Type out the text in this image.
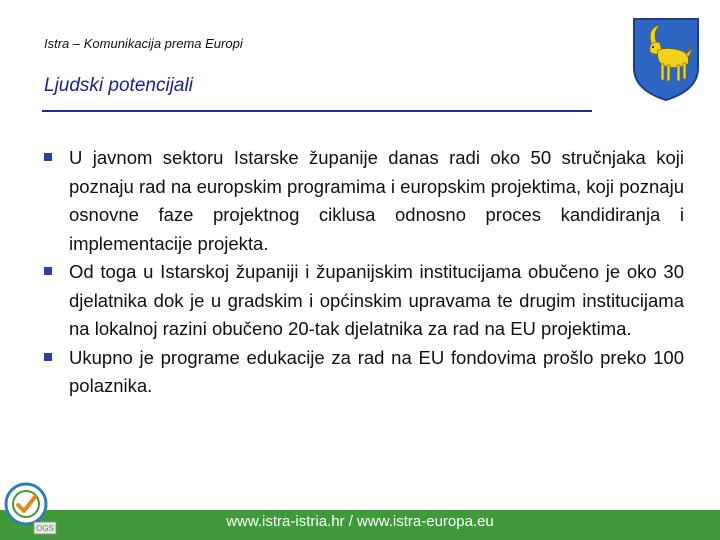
Istra – Komunikacija prema Europi
Ljudski potencijali
U javnom sektoru Istarske županije danas radi oko 50 stručnjaka koji poznaju rad na europskim programima i europskim projektima, koji poznaju osnovne faze projektnog ciklusa odnosno proces kandidiranja i implementacije projekta.
Od toga u Istarskoj županiji i županijskim institucijama obučeno je oko 30 djelatnika dok je u gradskim i općinskim upravama te drugim institucijama na lokalnoj razini obučeno 20-tak djelatnika za rad na EU projektima.
Ukupno je programe edukacije za rad na EU fondovima prošlo preko 100 polaznika.
www.istra-istria.hr / www.istra-europa.eu
OGS
